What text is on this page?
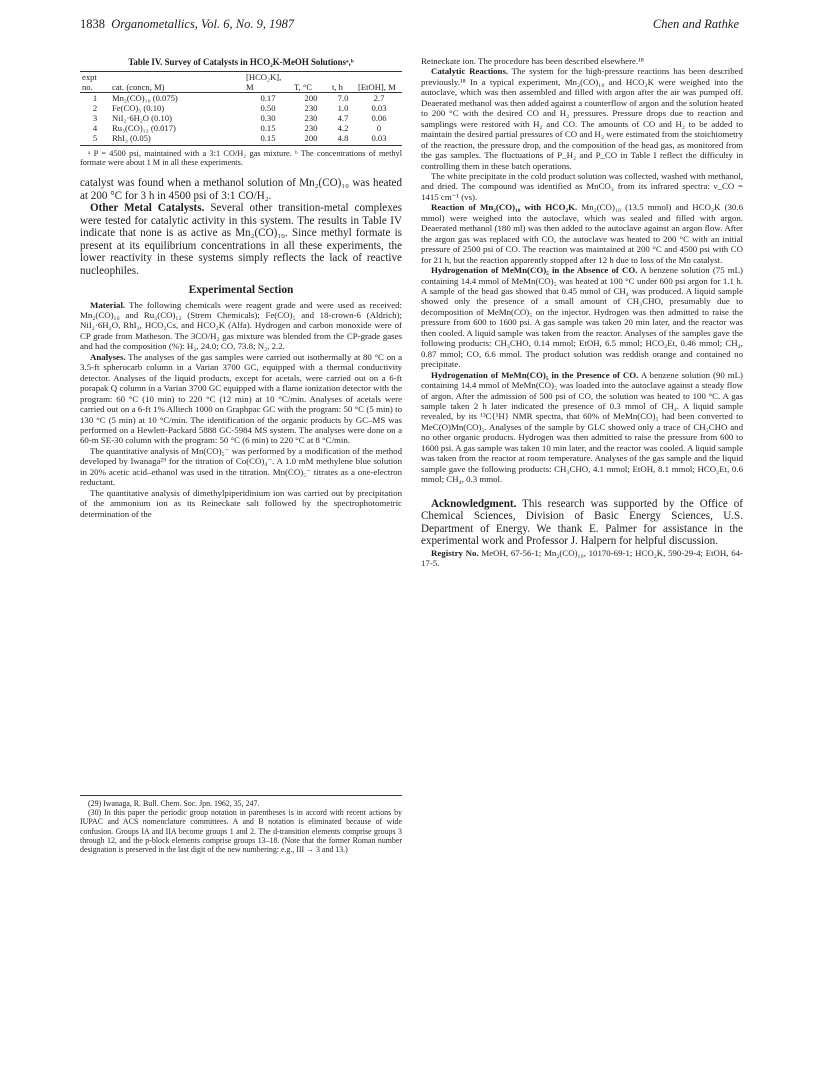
1838 Organometallics, Vol. 6, No. 9, 1987	Chen and Rathke
Table IV. Survey of Catalysts in HCO₂K-MeOH Solutionsᵃ,ᵇ
expt no.	cat. (concn, M)	[HCO₂K], M	T, °C	t, h	[EtOH], M
1	Mn₂(CO)₁₀ (0.075)	0.17	200	7.0	2.7
2	Fe(CO)₅ (0.10)	0.50	230	1.0	0.03
3	NiI₂·6H₂O (0.10)	0.30	230	4.7	0.06
4	Ru₃(CO)₁₂ (0.017)	0.15	230	4.2	0
5	RhI₃ (0.05)	0.15	200	4.8	0.03
ᵃ P = 4500 psi, maintained with a 3:1 CO/H₂ gas mixture. ᵇ The concentrations of methyl formate were about 1 M in all these experiments.

catalyst was found when a methanol solution of Mn₂(CO)₁₀ was heated at 200 °C for 3 h in 4500 psi of 3:1 CO/H₂.

Other Metal Catalysts. Several other transition-metal complexes were tested for catalytic activity in this system. The results in Table IV indicate that none is as active as Mn₂(CO)₁₀. Since methyl formate is present at its equilibrium concentrations in all these experiments, the lower reactivity in these systems simply reflects the lack of reactive nucleophiles.

Experimental Section

Material. The following chemicals were reagent grade and were used as received: Mn₂(CO)₁₀ and Ru₃(CO)₁₂ (Strem Chemicals); Fe(CO)₅ and 18-crown-6 (Aldrich); NiI₂·6H₂O, RhI₃, HCO₂Cs, and HCO₂K (Alfa). Hydrogen and carbon monoxide were of CP grade from Matheson. The 3CO/H₂ gas mixture was blended from the CP-grade gases and had the composition (%): H₂, 24.0; CO, 73.8; N₂, 2.2.

Analyses. The analyses of the gas samples were carried out isothermally at 80 °C on a 3.5-ft spherocarb column in a Varian 3700 GC, equipped with a thermal conductivity detector. Analyses of the liquid products, except for acetals, were carried out on a 6-ft porapak Q column in a Varian 3700 GC equipped with a flame ionization detector with the program: 60 °C (10 min) to 220 °C (12 min) at 10 °C/min. Analyses of acetals were carried out on a 6-ft 1% Alltech 1000 on Graphpac GC with the program: 50 °C (5 min) to 130 °C (5 min) at 10 °C/min. The identification of the organic products by GC–MS was performed on a Hewlett-Packard 5888 GC-5984 MS system. The analyses were done on a 60-m SE-30 column with the program: 50 °C (6 min) to 220 °C at 8 °C/min.

The quantitative analysis of Mn(CO)₅⁻ was performed by a modification of the method developed by Iwanaga²⁹ for the titration of Co(CO)₄⁻. A 1.0 mM methylene blue solution in 20% acetic acid–ethanol was used in the titration. Mn(CO)₅⁻ titrates as a one-electron reductant.

The quantitative analysis of dimethylpiperidinium ion was carried out by precipitation of the ammonium ion as its Reineckate salt followed by the spectrophotometric determination of the

(29) Iwanaga, R. Bull. Chem. Soc. Jpn. 1962, 35, 247.

(30) In this paper the periodic group notation in parentheses is in accord with recent actions by IUPAC and ACS nomenclature committees. A and B notation is eliminated because of wide confusion. Groups IA and IIA become groups 1 and 2. The d-transition elements comprise groups 3 through 12, and the p-block elements comprise groups 13–18. (Note that the former Roman number designation is preserved in the last digit of the new numbering: e.g., III → 3 and 13.)

Reineckate ion. The procedure has been described elsewhere.¹⁸

Catalytic Reactions. The system for the high-pressure reactions has been described previously.¹⁸ In a typical experiment, Mn₂(CO)₁₀ and HCO₂K were weighed into the autoclave, which was then assembled and filled with argon after the air was pumped off. Deaerated methanol was then added against a counterflow of argon and the solution heated to 200 °C with the desired CO and H₂ pressures. Pressure drops due to reaction and samplings were restored with H₂ and CO. The amounts of CO and H₂ to be added to maintain the desired partial pressures of CO and H₂ were estimated from the stoichiometry of the reaction, the pressure drop, and the composition of the head gas, as monitored from the gas samples. The fluctuations of P_H₂ and P_CO in Table I reflect the difficulty in controlling them in these batch operations.

The white precipitate in the cold product solution was collected, washed with methanol, and dried. The compound was identified as MnCO₃ from its infrared spectra: ν_CO = 1415 cm⁻¹ (vs).

Reaction of Mn₂(CO)₁₀ with HCO₂K. Mn₂(CO)₁₀ (13.5 mmol) and HCO₂K (30.6 mmol) were weighed into the autoclave, which was sealed and filled with argon. Deaerated methanol (180 ml) was then added to the autoclave against an argon flow. After the argon gas was replaced with CO, the autoclave was heated to 200 °C with an initial pressure of 2500 psi of CO. The reaction was maintained at 200 °C and 4500 psi with CO for 21 h, but the reaction apparently stopped after 12 h due to loss of the Mn catalyst.

Hydrogenation of MeMn(CO)₅ in the Absence of CO. A benzene solution (75 mL) containing 14.4 mmol of MeMn(CO)₅ was heated at 100 °C under 600 psi argon for 1.1 h. A sample of the head gas showed that 0.45 mmol of CH₄ was produced. A liquid sample showed only the presence of a small amount of CH₃CHO, presumably due to decomposition of MeMn(CO)₅ on the injector. Hydrogen was then admitted to raise the pressure from 600 to 1600 psi. A gas sample was taken 20 min later, and the reactor was then cooled. A liquid sample was taken from the reactor. Analyses of the samples gave the following products: CH₃CHO, 0.14 mmol; EtOH, 6.5 mmol; HCO₂Et, 0.46 mmol; CH₄, 0.87 mmol; CO, 6.6 mmol. The product solution was reddish orange and contained no precipitate.

Hydrogenation of MeMn(CO)₅ in the Presence of CO. A benzene solution (90 mL) containing 14.4 mmol of MeMn(CO)₅ was loaded into the autoclave against a steady flow of argon. After the admission of 500 psi of CO, the solution was heated to 100 °C. A gas sample taken 2 h later indicated the presence of 0.3 mmol of CH₄. A liquid sample revealed, by its ¹³C{¹H} NMR spectra, that 60% of MeMn(CO)₅ had been converted to MeC(O)Mn(CO)₅. Analyses of the sample by GLC showed only a trace of CH₃CHO and no other organic products. Hydrogen was then admitted to raise the pressure from 600 to 1600 psi. A gas sample was taken 10 min later, and the reactor was cooled. A liquid sample was taken from the reactor at room temperature. Analyses of the gas sample and the liquid sample gave the following products: CH₃CHO, 4.1 mmol; EtOH, 8.1 mmol; HCO₂Et, 0.6 mmol; CH₄, 0.3 mmol.

Acknowledgment. This research was supported by the Office of Chemical Sciences, Division of Basic Energy Sciences, U.S. Department of Energy. We thank E. Palmer for assistance in the experimental work and Professor J. Halpern for helpful discussion.

Registry No. MeOH, 67-56-1; Mn₂(CO)₁₀, 10170-69-1; HCO₂K, 590-29-4; EtOH, 64-17-5.
